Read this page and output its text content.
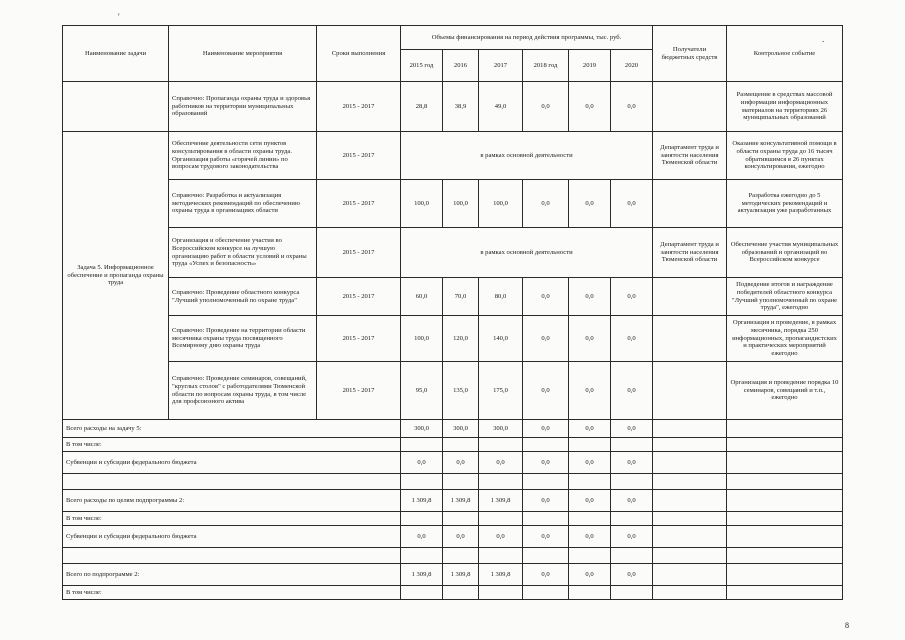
'
.
Наименование задачи	Наименование мероприятия	Сроки выполнения	Объемы финансирования на период действия программы, тыс. руб.						Получатели бюджетных средств	Контрольное событие
			2015 год	2016	2017	2018 год	2019	2020		
	Справочно: Пропаганда охраны труда и здоровья работников на территории муниципальных образований	2015 - 2017	28,8	38,9	49,0	0,0	0,0	0,0		Размещение в средствах массовой информации информационных материалов на территориях 26 муниципальных образований
Задача 5. Информационное обеспечение и пропаганда охраны труда	Обеспечение деятельности сети пунктов консультирования в области охраны труда. Организация работы «горячей линии» по вопросам трудового законодательства	2015 - 2017	в рамках основной деятельности						Департамент труда и занятости населения Тюменской области	Оказание консультативной помощи в области охраны труда до 16 тысяч обратившимся в 26 пунктах консультирования, ежегодно
	Справочно: Разработка и актуализация методических рекомендаций по обеспечению охраны труда в организациях области	2015 - 2017	100,0	100,0	100,0	0,0	0,0	0,0		Разработка ежегодно до 5 методических рекомендаций и актуализация уже разработанных
	Организация и обеспечение участия во Всероссийском конкурсе на лучшую организацию работ в области условий и охраны труда «Успех и безопасность»	2015 - 2017	в рамках основной деятельности						Департамент труда и занятости населения Тюменской области	Обеспечение участия муниципальных образований и организаций во Всероссийском конкурсе
	Справочно: Проведение областного конкурса "Лучший уполномоченный по охране труда"	2015 - 2017	60,0	70,0	80,0	0,0	0,0	0,0		Подведение итогов и награждение победителей областного конкурса "Лучший уполномоченный по охране труда", ежегодно
	Справочно: Проведение на территории области месячника охраны труда посвященного Всемирному дню охраны труда	2015 - 2017	100,0	120,0	140,0	0,0	0,0	0,0		Организация и проведение, в рамках месячника, порядка 250 информационных, пропагандистских и практических мероприятий ежегодно
	Справочно: Проведение семинаров, совещаний, "круглых столов" с работодателями Тюменской области по вопросам охраны труда, в том числе для профсоюзного актива	2015 - 2017	95,0	135,0	175,0	0,0	0,0	0,0		Организация и проведение порядка 10 семинаров, совещаний и т.п., ежегодно
Всего расходы на задачу 5:			300,0	300,0	300,0	0,0	0,0	0,0		
В том числе:										
Субвенции и субсидии федерального бюджета			0,0	0,0	0,0	0,0	0,0	0,0		

Всего расходы по целям подпрограммы 2:			1 309,8	1 309,8	1 309,8	0,0	0,0	0,0		
В том числе:										
Субвенции и субсидии федерального бюджета			0,0	0,0	0,0	0,0	0,0	0,0		

Всего по подпрограмме 2:			1 309,8	1 309,8	1 309,8	0,0	0,0	0,0		
В том числе:										
8
